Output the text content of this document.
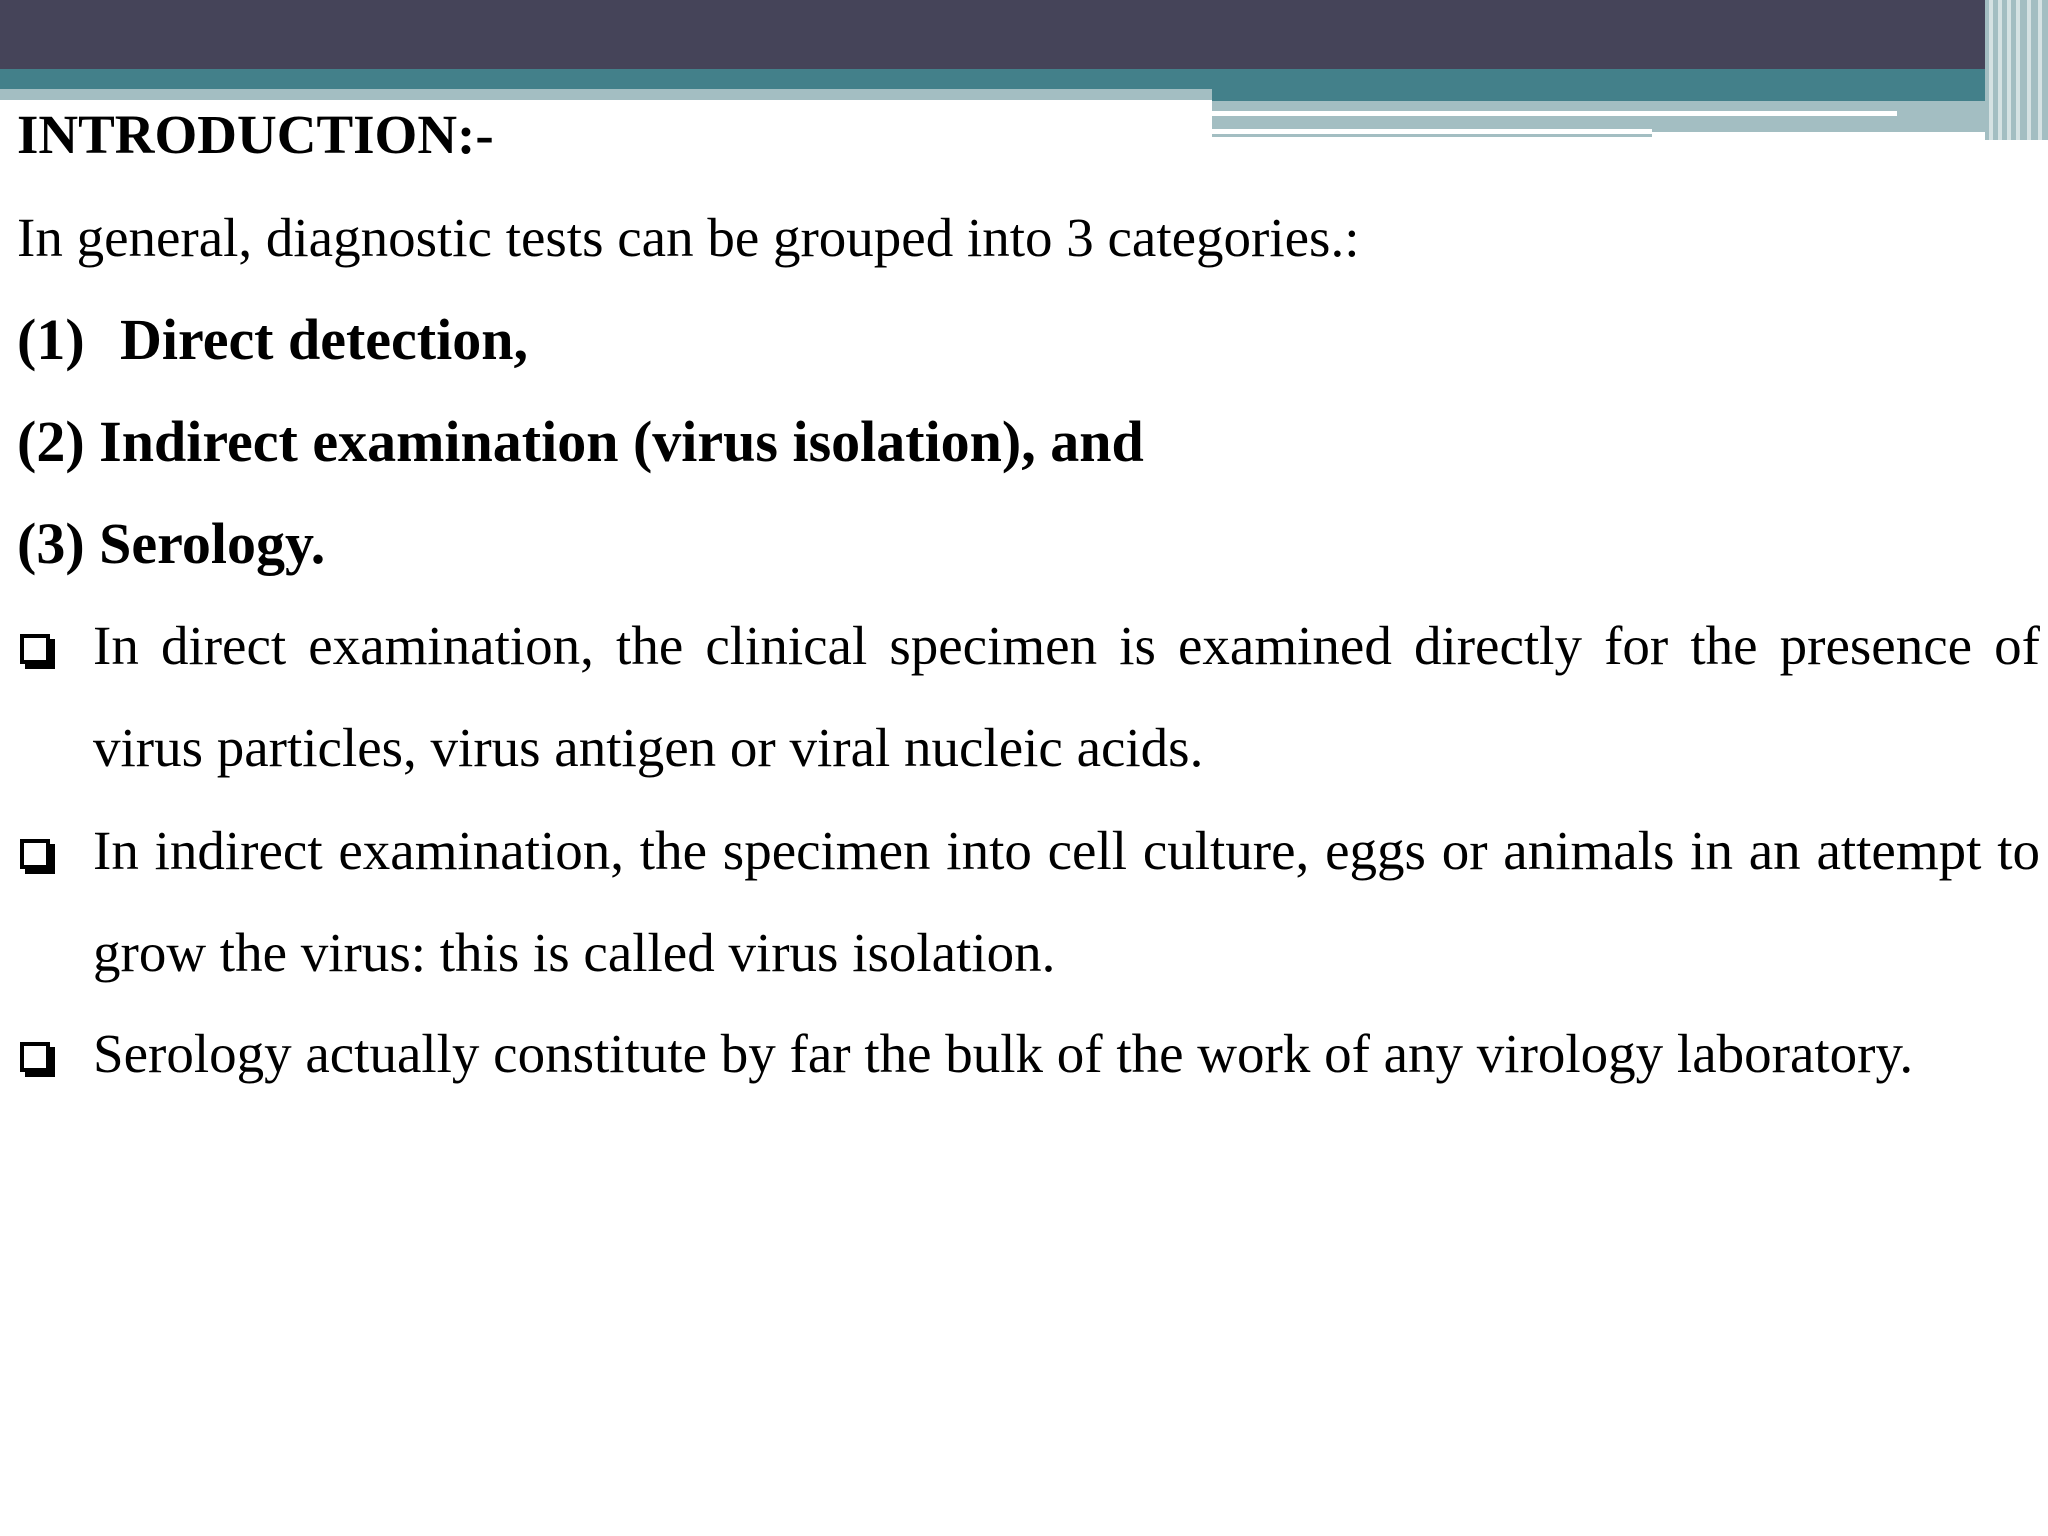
INTRODUCTION:-

In general, diagnostic tests can be grouped into 3 categories.:

(1) Direct detection,
(2) Indirect examination (virus isolation), and
(3) Serology.
In direct examination, the clinical specimen is examined directly for the presence of virus particles, virus antigen or viral nucleic acids.
In indirect examination, the specimen into cell culture, eggs or animals in an attempt to grow the virus: this is called virus isolation.
Serology actually constitute by far the bulk of the work of any virology laboratory.
